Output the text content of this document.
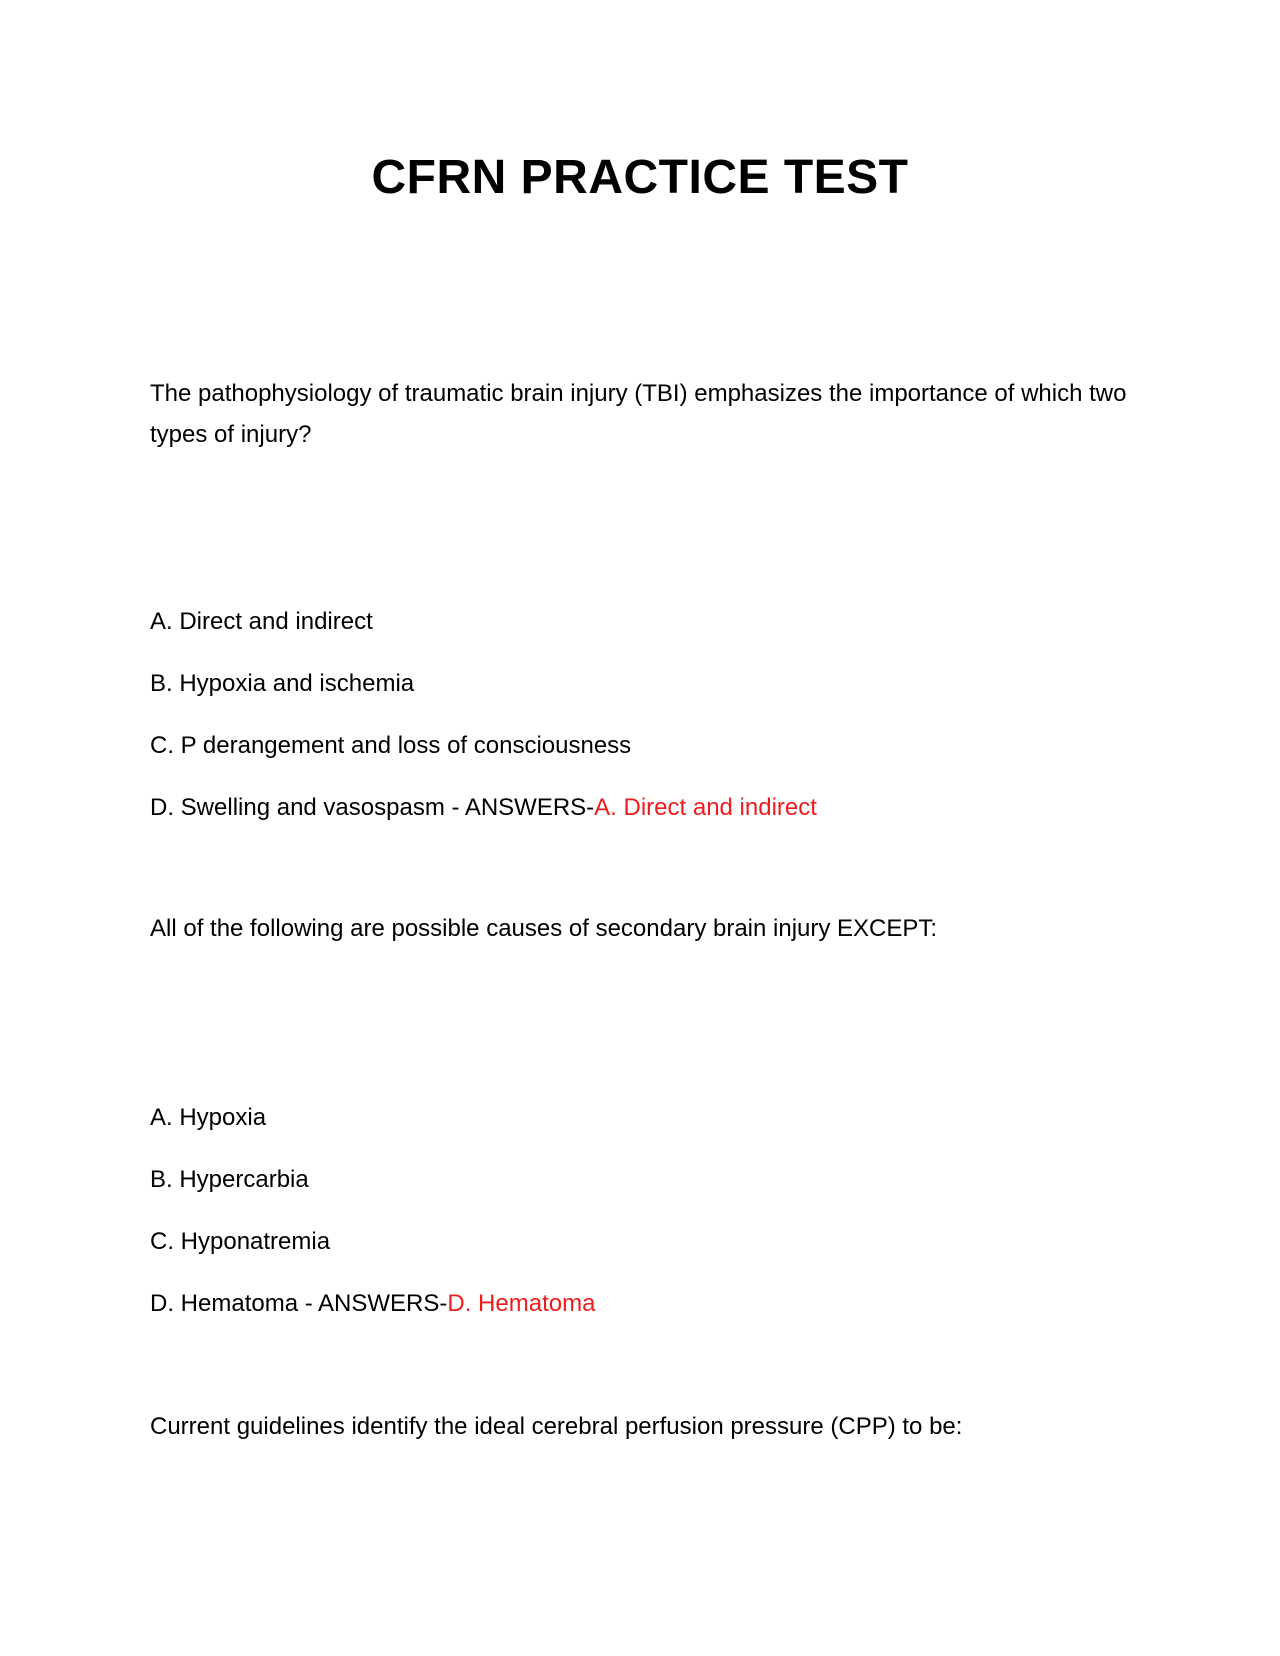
CFRN PRACTICE TEST
The pathophysiology of traumatic brain injury (TBI) emphasizes the importance of which two types of injury?
A. Direct and indirect
B. Hypoxia and ischemia
C. P derangement and loss of consciousness
D. Swelling and vasospasm - ANSWERS-A. Direct and indirect
All of the following are possible causes of secondary brain injury EXCEPT:
A. Hypoxia
B. Hypercarbia
C. Hyponatremia
D. Hematoma - ANSWERS-D. Hematoma
Current guidelines identify the ideal cerebral perfusion pressure (CPP) to be:
